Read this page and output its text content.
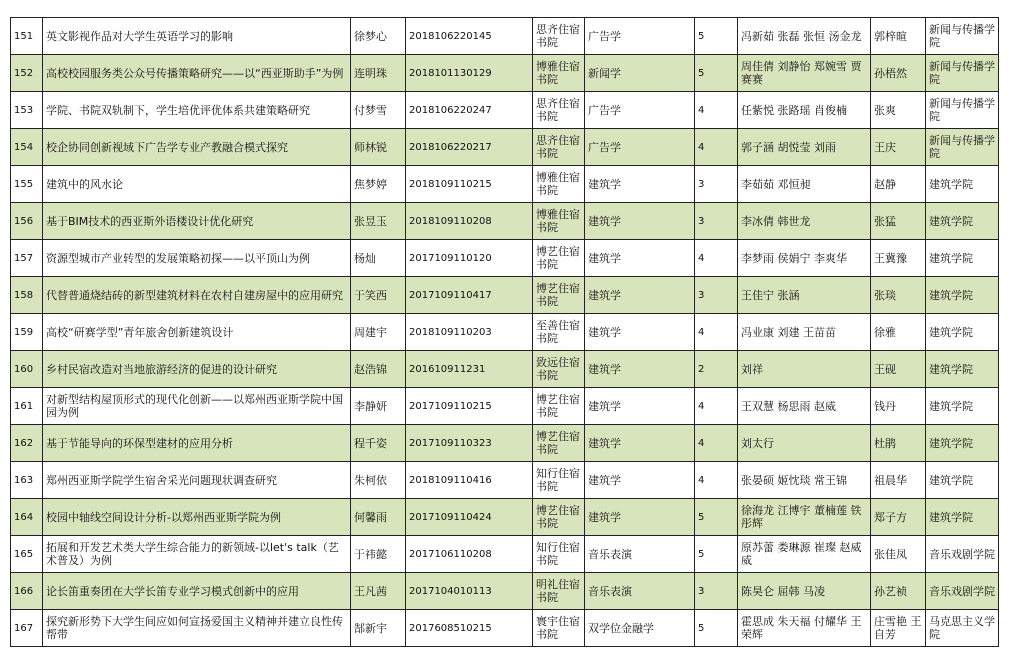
151	英文影视作品对大学生英语学习的影响	徐梦心	201810622014​5	思齐住宿书院	广告学	5	冯新茹 张磊 张恒 汤金龙	郭梓暄	新闻与传播学院
152	高校校园服务类公众号传播策略研究——以“西亚斯助手”为例	连明珠	201810113012​9	博雅住宿书院	新闻学	5	周佳倩 刘静怡 郑婉雪 贾赛赛	孙梧然	新闻与传播学院
153	学院、书院双轨制下，学生培优评优体系共建策略研究	付梦雪	201810622024​7	思齐住宿书院	广告学	4	任紫悦 张路瑶 肖俊楠	张爽	新闻与传播学院
154	校企协同创新视域下广告学专业产教融合模式探究	师林锐	201810622021​7	思齐住宿书院	广告学	4	郭子涵 胡悦莹 刘雨	王庆	新闻与传播学院
155	建筑中的风水论	焦梦婷	201810911021​5	博雅住宿书院	建筑学	3	李茹茹 邓恒昶	赵静	建筑学院
156	基于BIM技术的西亚斯外语楼设计优化研究	张昱玉	201810911020​8	博雅住宿书院	建筑学	3	李冰倩 韩世龙	张猛	建筑学院
157	资源型城市产业转型的发展策略初探——以平顶山为例	杨灿	201710911012​0	博艺住宿书院	建筑学	4	李梦雨 侯娟宁 李爽华	王冀豫	建筑学院
158	代替普通烧结砖的新型建筑材料在农村自建房屋中的应用研究	于笑西	201710911041​7	博艺住宿书院	建筑学	3	王佳宁 张涵	张琰	建筑学院
159	高校“研赛学型”青年旅舍创新建筑设计	周建宇	201810911020​3	至善住宿书院	建筑学	4	冯业康 刘建 王苗苗	徐雅	建筑学院
160	乡村民宿改造对当地旅游经济的促进的设计研究	赵浩锦	20161091123​1	致远住宿书院	建筑学	2	刘祥	王砚	建筑学院
161	对新型结构屋顶形式的现代化创新——以郑州西亚斯学院中国园为例	李静妍	201710911021​5	博艺住宿书院	建筑学	4	王双慧 杨思雨 赵威	钱丹	建筑学院
162	基于节能导向的环保型建材的应用分析	程千姿	201710911032​3	博艺住宿书院	建筑学	4	刘太行	杜鹃	建筑学院
163	郑州西亚斯学院学生宿舍采光问题现状调查研究	朱柯依	201810911041​6	知行住宿书院	建筑学	4	张晏硕 姬忱琰 常王锦	祖晨华	建筑学院
164	校园中轴线空间设计分析-以郑州西亚斯学院为例	何馨雨	201710911042​4	博艺住宿书院	建筑学	5	徐海龙 江博宇 董楠莲 铁彤辉	郑子方	建筑学院
165	拓展和开发艺术类大学生综合能力的新领域-以let's talk（艺术普及）为例	于祎懿	201710611020​8	知行住宿书院	音乐表演	5	原苏蕾 娄琳源 崔璨 赵威威	张佳凤	音乐戏剧学院
166	论长笛重奏团在大学长笛专业学习模式创新中的应用	王凡茜	201710401011​3	明礼住宿书院	音乐表演	3	陈昊仑 屈韩 马凌	孙艺祯	音乐戏剧学院
167	探究新形势下大学生间应如何宣扬爱国主义精神并建立良性传帮带	郜新宇	201760851021​5	寰宇住宿书院	双学位金融学	5	霍思成 朱天福 付耀华 王荣辉	庄雪艳 王自芳	马克思主义学院
